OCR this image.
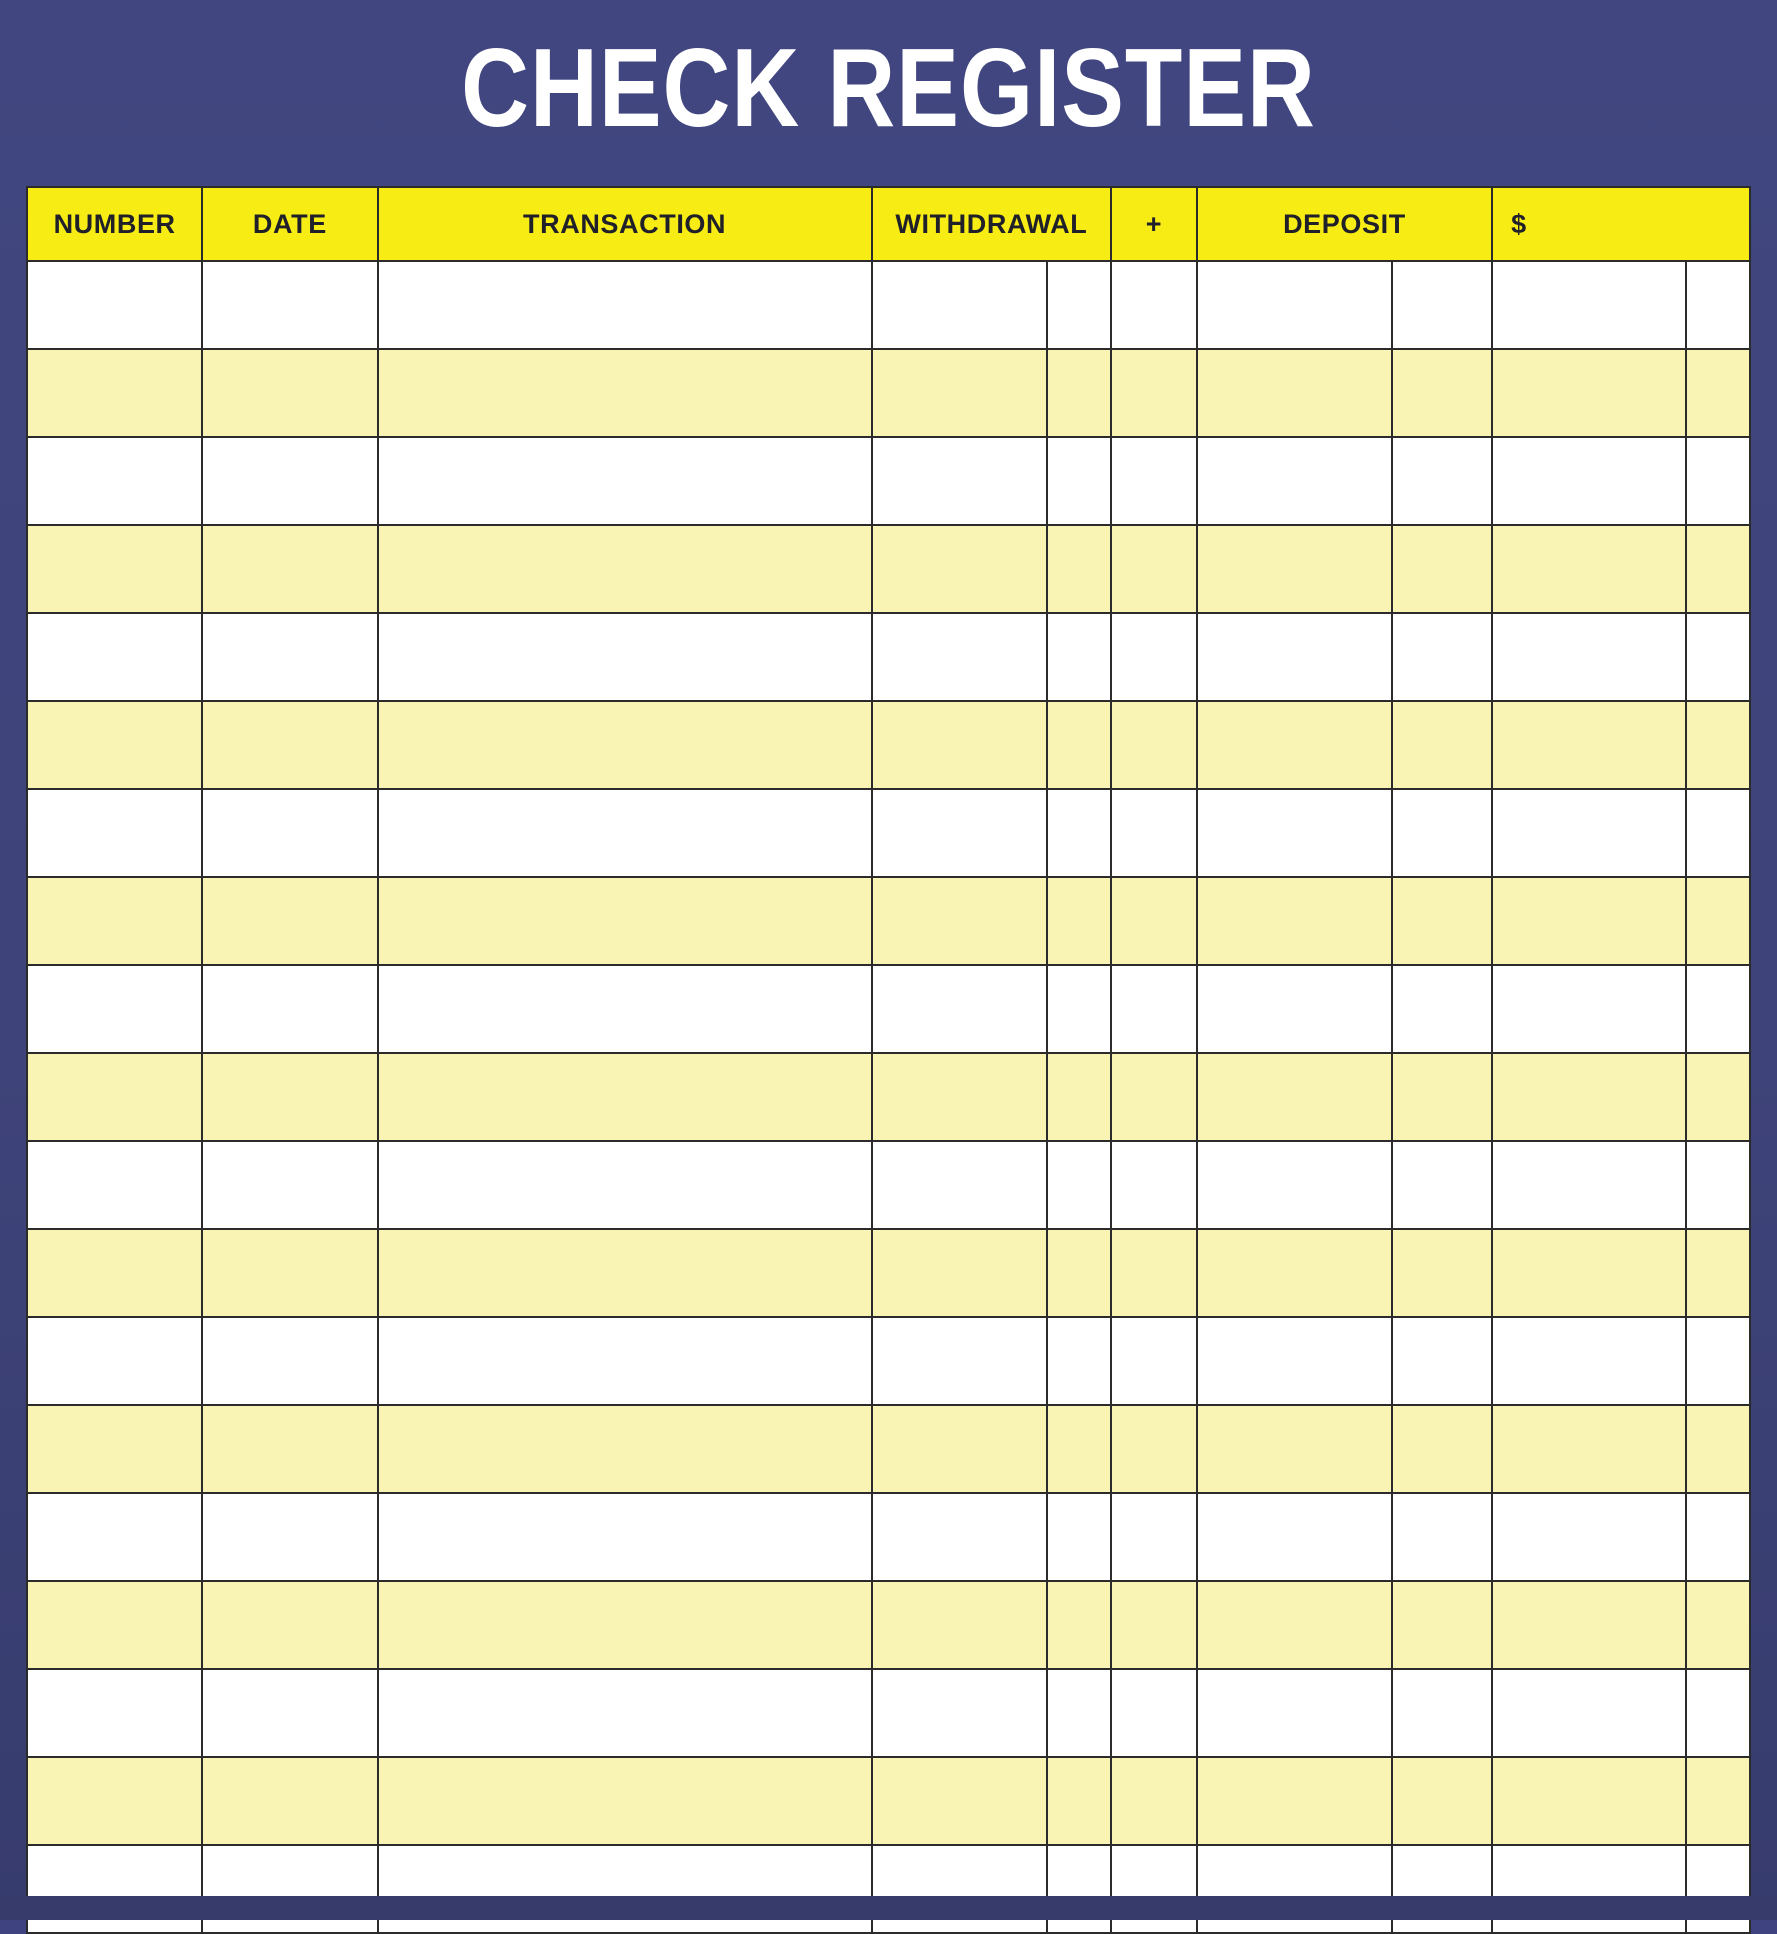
CHECK REGISTER
NUMBER	DATE	TRANSACTION	WITHDRAWAL		+	DEPOSIT		$	
